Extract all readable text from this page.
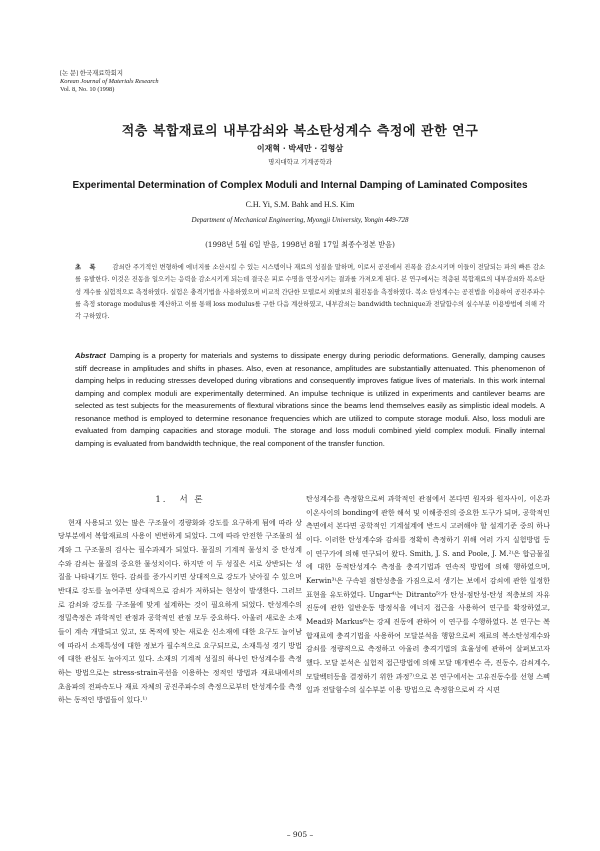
[논 문] 한국재료학회지
Korean Journal of Materials Research
Vol. 8, No. 10 (1998)
적층 복합재료의 내부감쇠와 복소탄성계수 측정에 관한 연구
이재혁 · 박세만 · 김형삼
명지대학교 기계공학과
Experimental Determination of Complex Moduli and Internal Damping of Laminated Composites
C.H. Yi, S.M. Bahk and H.S. Kim
Department of Mechanical Engineering, Myongji University, Yongin 449-728
(1998년 5월 6일 받음, 1998년 8월 17일 최종수정본 받음)
초 록 감쇠란 주기적인 변형하에 에너지를 소산시킬 수 있는 시스템이나 재료의 성질을 말하며, 이로서 공진에서 진폭을 감소시키며 이들이 전달되는 파의 빠른 감소를 유발한다. 이것은 진동을 일으키는 응력을 감소시키게 되는데 결국은 피로 수명을 연장시키는 결과를 가져오게 된다. 본 연구에서는 적층된 복합재료의 내부감쇠와 복소탄성 계수를 실험적으로 측정하였다. 실험은 충격기법을 사용하였으며 비교적 간단한 모델로서 외팔보의 휨진동을 측정하였다. 복소 탄성계수는 공진법을 이용하여 공진주파수를 측정 storage modulus를 계산하고 이를 통해 loss modulus를 구한 다음 계산하였고, 내부감쇠는 bandwidth technique과 전달함수의 실수부분 이용방법에 의해 각각 구하였다.
Abstract Damping is a property for materials and systems to dissipate energy during periodic deformations. Generally, damping causes stiff decrease in amplitudes and shifts in phases. Also, even at resonance, amplitudes are substantially attenuated. This phenomenon of damping helps in reducing stresses developed during vibrations and consequently improves fatigue lives of materials. In this work internal damping and complex moduli are experimentally determined. An impulse technique is utilized in experiments and cantilever beams are selected as test subjects for the measurements of flextural vibrations since the beams lend themselves easily as simplistic ideal models. A resonance method is employed to determine resonance frequencies which are utilized to compute storage moduli. Also, loss moduli are evaluated from damping capacities and storage moduli. The storage and loss moduli combined yield complex moduli. Finally internal damping is evaluated from bandwidth technique, the real component of the transfer function.
1. 서 론

현재 사용되고 있는 많은 구조물이 경량화와 강도를 요구하게 됨에 따라 상당부분에서 복합재료의 사용이 빈번하게 되었다. 그에 따라 안전한 구조물의 설계와 그 구조물의 검사는 필수과제가 되었다. 물질의 기계적 물성치 중 탄성계수와 감쇠는 물질의 중요한 물성치이다. 하지만 이 두 성질은 서로 상반되는 성질을 나타내기도 한다. 감쇠를 증가시키면 상대적으로 강도가 낮아질 수 있으며 반대로 강도를 높여주면 상대적으로 감쇠가 저하되는 현상이 발생한다. 그러므로 감쇠와 강도를 구조물에 맞게 설계하는 것이 필요하게 되었다. 탄성계수의 정밀측정은 과학적인 관점과 공학적인 관점 모두 중요하다. 아울러 새로운 소재들이 계속 개발되고 있고, 또 목적에 맞는 새로운 신소재에 대한 요구도 늘어남에 따라서 소재특성에 대한 정보가 필수적으로 요구되므로, 소재특성 경기 방법에 대한 관심도 높아지고 있다. 소재의 기계적 성질의 하나인 탄성계수를 측정하는 방법으로는 stress-strain곡선을 이용하는 정적인 방법과 재료내에서의 초음파의 전파속도나 재료 자체의 공진주파수의 측정으로부터 탄성계수를 측정하는 동적인 방법들이 있다.¹⁾

탄성계수를 측정함으로써 과학적인 관점에서 본다면 원자와 원자사이, 이온과 이온사이의 bonding에 관한 해석 및 이해증진의 중요한 도구가 되며, 공학적인 측면에서 본다면 공학적인 기계설계에 반드시 고려해야 할 설계기준 중의 하나이다. 이러한 탄성계수와 감쇠를 정확히 측정하기 위해 여러 가지 실험방법 등이 연구가에 의해 연구되어 왔다. Smith, J. S. and Poole, J. M.²⁾은 합금물질에 대한 동적탄성계수 측정을 충격기법과 연속적 방법에 의해 행하였으며, Kerwin³⁾은 구속된 점탄성층을 가짐으로서 생기는 보에서 감쇠에 관한 일정한 표현을 유도하였다. Ungar⁴⁾는 Ditranto⁵⁾가 탄성-점탄성-탄성 적층보의 자유진동에 관한 일반운동 방정식을 에너지 접근을 사용하여 연구를 확장하였고, Mead와 Markus⁶⁾는 강제 진동에 관하여 이 연구를 수행하였다. 본 연구는 복합재료에 충격기법을 사용하여 모달분석을 행함으로써 재료의 복소탄성계수와 감쇠를 정량적으로 측정하고 아울러 충격기법의 효율성에 관하여 살펴보고자 했다. 모달 분석은 실험적 접근방법에 의해 모달 매개변수 즉, 진동수, 감쇠계수, 모달벡터등을 결정하기 위한 과정⁷⁾으로 본 연구에서는 고유진동수를 선형 스펙일과 전달함수의 실수부분 이용 방법으로 측정함으로써 각 시편

– 905 –
